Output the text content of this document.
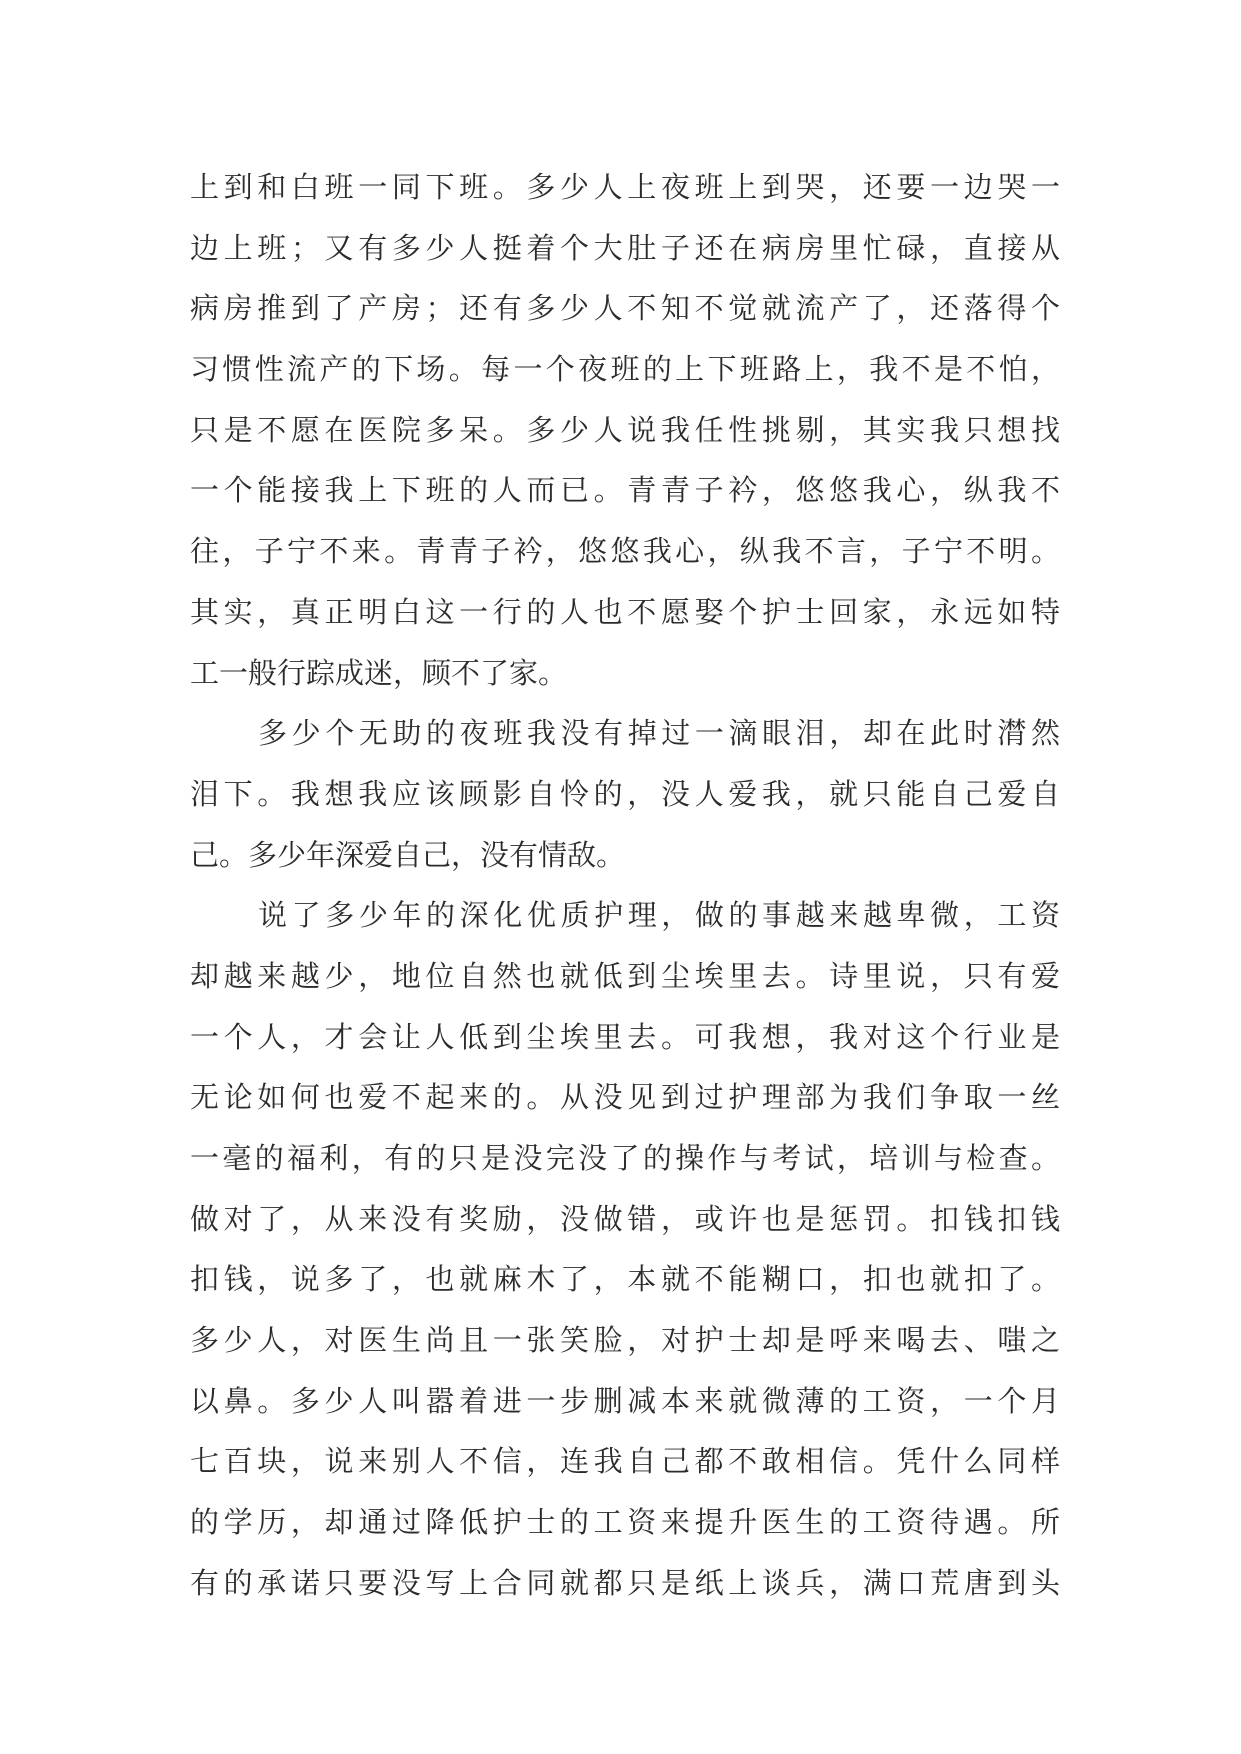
上到和白班一同下班。多少人上夜班上到哭，还要一边哭一
边上班；又有多少人挺着个大肚子还在病房里忙碌，直接从
病房推到了产房；还有多少人不知不觉就流产了，还落得个
习惯性流产的下场。每一个夜班的上下班路上，我不是不怕，
只是不愿在医院多呆。多少人说我任性挑剔，其实我只想找
一个能接我上下班的人而已。青青子衿，悠悠我心，纵我不
往，子宁不来。青青子衿，悠悠我心，纵我不言，子宁不明。
其实，真正明白这一行的人也不愿娶个护士回家，永远如特
工一般行踪成迷，顾不了家。
多少个无助的夜班我没有掉过一滴眼泪，却在此时潸然
泪下。我想我应该顾影自怜的，没人爱我，就只能自己爱自
己。多少年深爱自己，没有情敌。
说了多少年的深化优质护理，做的事越来越卑微，工资
却越来越少，地位自然也就低到尘埃里去。诗里说，只有爱
一个人，才会让人低到尘埃里去。可我想，我对这个行业是
无论如何也爱不起来的。从没见到过护理部为我们争取一丝
一毫的福利，有的只是没完没了的操作与考试，培训与检查。
做对了，从来没有奖励，没做错，或许也是惩罚。扣钱扣钱
扣钱，说多了，也就麻木了，本就不能糊口，扣也就扣了。
多少人，对医生尚且一张笑脸，对护士却是呼来喝去、嗤之
以鼻。多少人叫嚣着进一步删减本来就微薄的工资，一个月
七百块，说来别人不信，连我自己都不敢相信。凭什么同样
的学历，却通过降低护士的工资来提升医生的工资待遇。所
有的承诺只要没写上合同就都只是纸上谈兵，满口荒唐到头
